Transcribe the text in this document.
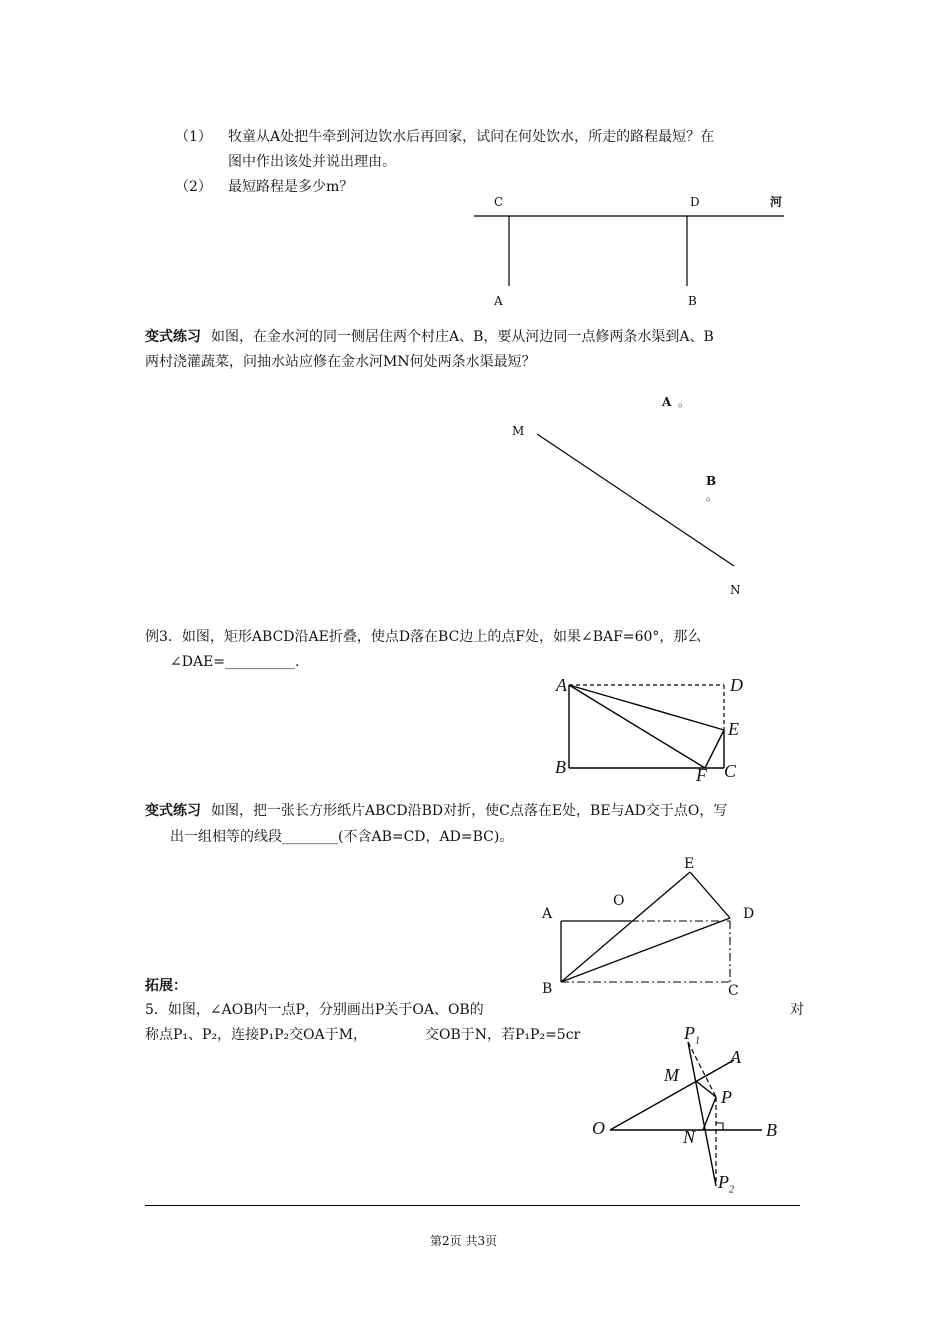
（1） 牧童从A处把牛牵到河边饮水后再回家，试问在何处饮水，所走的路程最短？在
图中作出该处并说出理由。
（2） 最短路程是多少m？
C	D	河
A	B
变式练习 如图，在金水河的同一侧居住两个村庄A、B，要从河边同一点修两条水渠到A、B
两村浇灌蔬菜，问抽水站应修在金水河MN何处两条水渠最短？
A 。
M
B
。
N
例3．如图，矩形ABCD沿AE折叠，使点D落在BC边上的点F处，如果∠BAF=60°，那么
∠DAE=__________.
A	D
E
B	F C
变式练习 如图，把一张长方形纸片ABCD沿BD对折，使C点落在E处，BE与AD交于点O，写
出一组相等的线段________(不含AB=CD，AD=BC)。
E
A
O
D
B	C
拓展：
5．如图，∠AOB内一点P，分别画出P关于OA、OB的	对
称点P₁、P₂，连接P₁P₂交OA于M，	交OB于N，若P₁P₂=5cr	$P_1$
A
M
P
O	N	B
$P_2$
第2页 共3页
